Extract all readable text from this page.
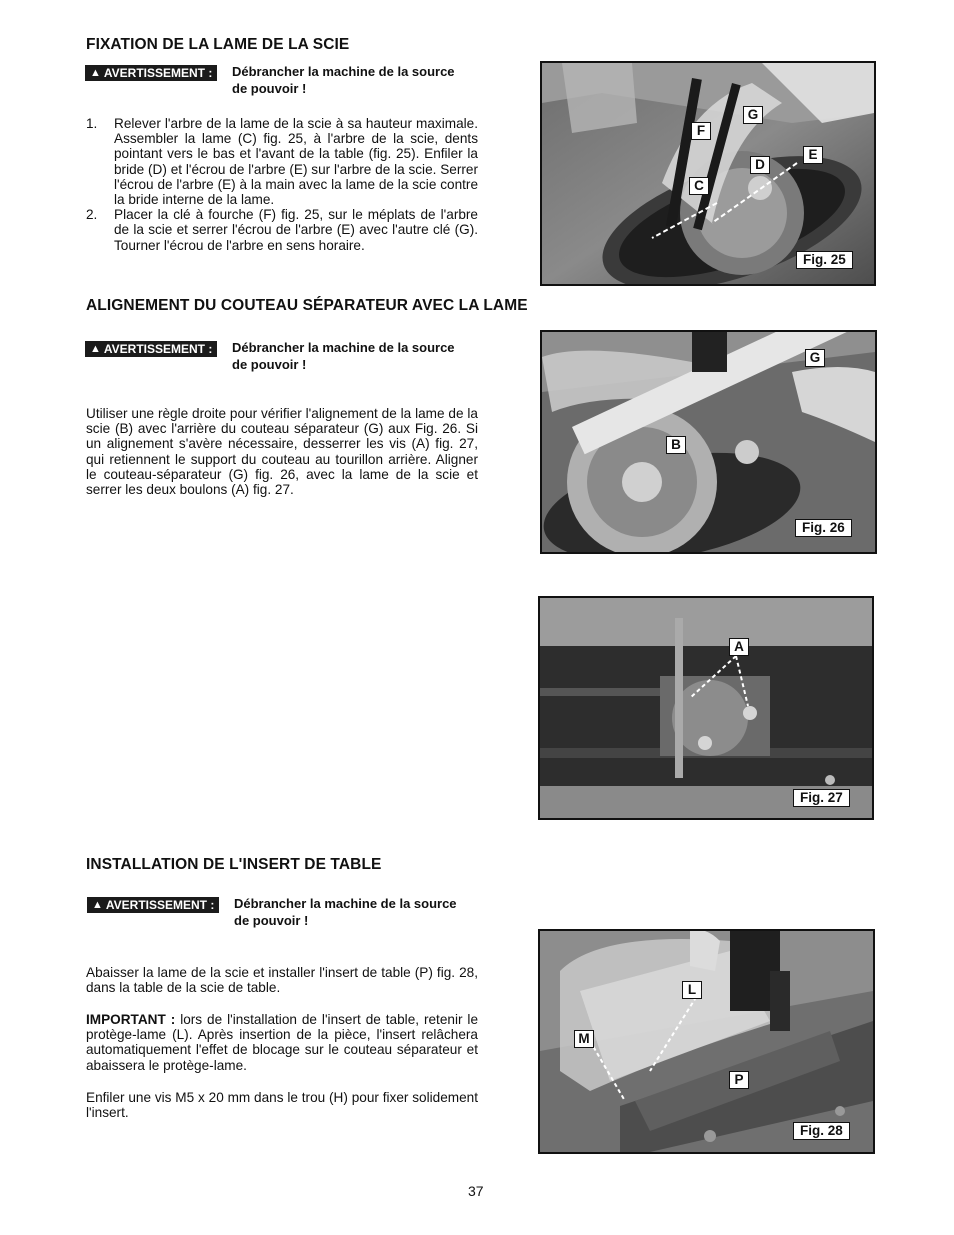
FIXATION DE LA LAME DE LA SCIE
▲ AVERTISSEMENT : Débrancher la machine de la source
de pouvoir !
1.	Relever l'arbre de la lame de la scie à sa hauteur maximale. Assembler la lame (C) fig. 25, à l'arbre de la scie, dents pointant vers le bas et l'avant de la table (fig. 25). Enfiler la bride (D) et l'écrou de l'arbre (E) sur l'arbre de la scie. Serrer l'écrou de l'arbre (E) à la main avec la lame de la scie contre la bride interne de la lame.
2.	Placer la clé à fourche (F) fig. 25, sur le méplats de l'arbre de la scie et serrer l'écrou de l'arbre (E) avec l'autre clé (G). Tourner l'écrou de l'arbre en sens horaire.
G
F
D
E
C
Fig. 25
ALIGNEMENT DU COUTEAU SÉPARATEUR AVEC LA LAME
▲ AVERTISSEMENT : Débrancher la machine de la source
de pouvoir !
Utiliser une règle droite pour vérifier l'alignement de la lame de la scie (B) avec l'arrière du couteau séparateur (G) aux Fig. 26. Si un alignement s'avère nécessaire, desserrer les vis (A) fig. 27, qui retiennent le support du couteau au tourillon arrière. Aligner le couteau-séparateur (G) fig. 26, avec la lame de la scie et serrer les deux boulons (A) fig. 27.
G
B
Fig. 26
A
Fig. 27
INSTALLATION DE L'INSERT DE TABLE
▲ AVERTISSEMENT : Débrancher la machine de la source
de pouvoir !
Abaisser la lame de la scie et installer l'insert de table (P) fig. 28, dans la table de la scie de table.
IMPORTANT : lors de l'installation de l'insert de table, retenir le protège-lame (L). Après insertion de la pièce, l'insert relâchera automatiquement l'effet de blocage sur le couteau séparateur et abaissera le protège-lame.
Enfiler une vis M5 x 20 mm dans le trou (H) pour fixer solidement l'insert.
L
M
P
Fig. 28
37
